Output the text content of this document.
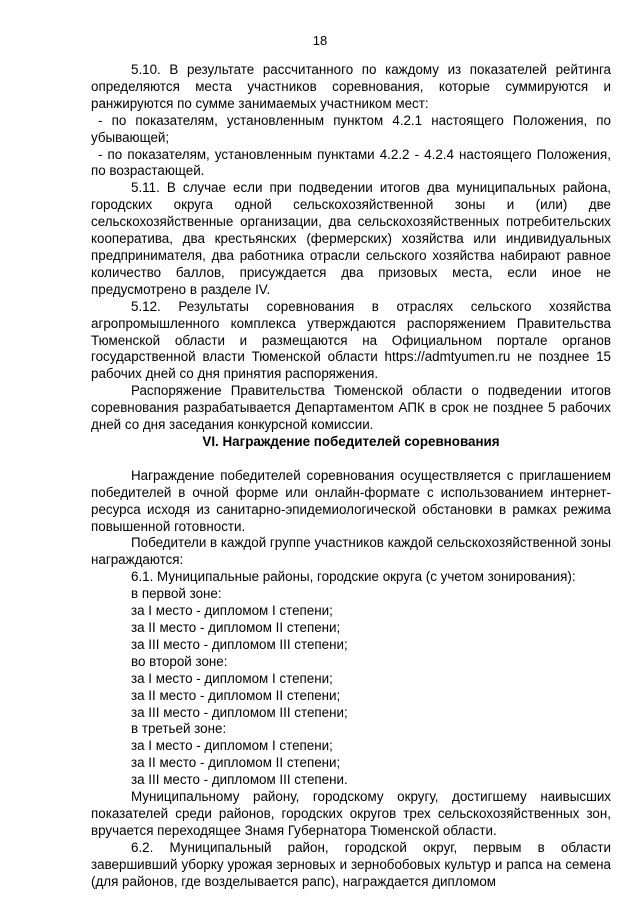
18

5.10. В результате рассчитанного по каждому из показателей рейтинга определяются места участников соревнования, которые суммируются и ранжируются по сумме занимаемых участником мест:

- по показателям, установленным пунктом 4.2.1 настоящего Положения, по убывающей;

- по показателям, установленным пунктами 4.2.2 - 4.2.4 настоящего Положения, по возрастающей.

5.11. В случае если при подведении итогов два муниципальных района, городских округа одной сельскохозяйственной зоны и (или) две сельскохозяйственные организации, два сельскохозяйственных потребительских кооператива, два крестьянских (фермерских) хозяйства или индивидуальных предпринимателя, два работника отрасли сельского хозяйства набирают равное количество баллов, присуждается два призовых места, если иное не предусмотрено в разделе IV.

5.12. Результаты соревнования в отраслях сельского хозяйства агропромышленного комплекса утверждаются распоряжением Правительства Тюменской области и размещаются на Официальном портале органов государственной власти Тюменской области https://admtyumen.ru не позднее 15 рабочих дней со дня принятия распоряжения.

Распоряжение Правительства Тюменской области о подведении итогов соревнования разрабатывается Департаментом АПК в срок не позднее 5 рабочих дней со дня заседания конкурсной комиссии.

VI. Награждение победителей соревнования

Награждение победителей соревнования осуществляется с приглашением победителей в очной форме или онлайн-формате с использованием интернет-ресурса исходя из санитарно-эпидемиологической обстановки в рамках режима повышенной готовности.

Победители в каждой группе участников каждой сельскохозяйственной зоны награждаются:

6.1. Муниципальные районы, городские округа (с учетом зонирования):

в первой зоне:

за I место - дипломом I степени;

за II место - дипломом II степени;

за III место - дипломом III степени;

во второй зоне:

за I место - дипломом I степени;

за II место - дипломом II степени;

за III место - дипломом III степени;

в третьей зоне:

за I место - дипломом I степени;

за II место - дипломом II степени;

за III место - дипломом III степени.

Муниципальному району, городскому округу, достигшему наивысших показателей среди районов, городских округов трех сельскохозяйственных зон, вручается переходящее Знамя Губернатора Тюменской области.

6.2. Муниципальный район, городской округ, первым в области завершивший уборку урожая зерновых и зернобобовых культур и рапса на семена (для районов, где возделывается рапс), награждается дипломом
